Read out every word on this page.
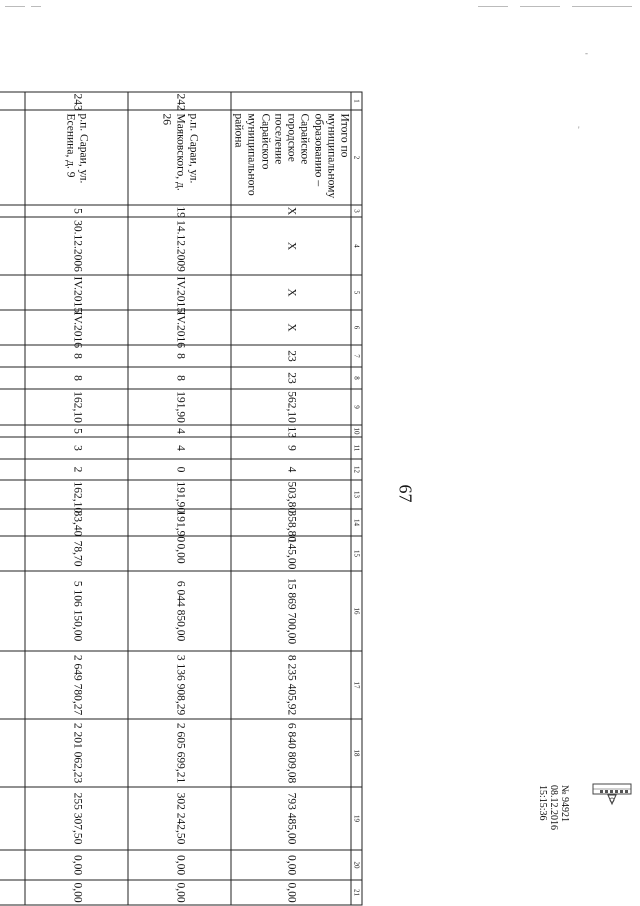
-
'
67
1	2	3	4	5	6	7	8	9	10	11	12	13	14	15	16	17	18	19	20	21
	Итого по муниципальному образованию – Сарайское городское поселение Сарайского муниципального района	X	X	X	X	23	23	562,10	13	9	4	503,80	358,80	145,00	15 869 700,00	8 235 405,92	6 840 809,08	793 485,00	0,00	0,00
242	р.п. Сараи, ул. Маяковского, д. 26	19	14.12.2009	IV.2015	IV.2016	8	8	191,90	4	4	0	191,90	191,90	0,00	6 044 850,00	3 136 908,29	2 605 699,21	302 242,50	0,00	0,00
243	р.п. Сараи, ул. Есенина, д. 9	5	30.12.2006	IV.2015	IV.2016	8	8	162,10	5	3	2	162,10	83,40	78,70	5 106 150,00	2 649 780,27	2 201 062,23	255 307,50	0,00	0,00

№ 94921 08.12.2016 15:15:36
